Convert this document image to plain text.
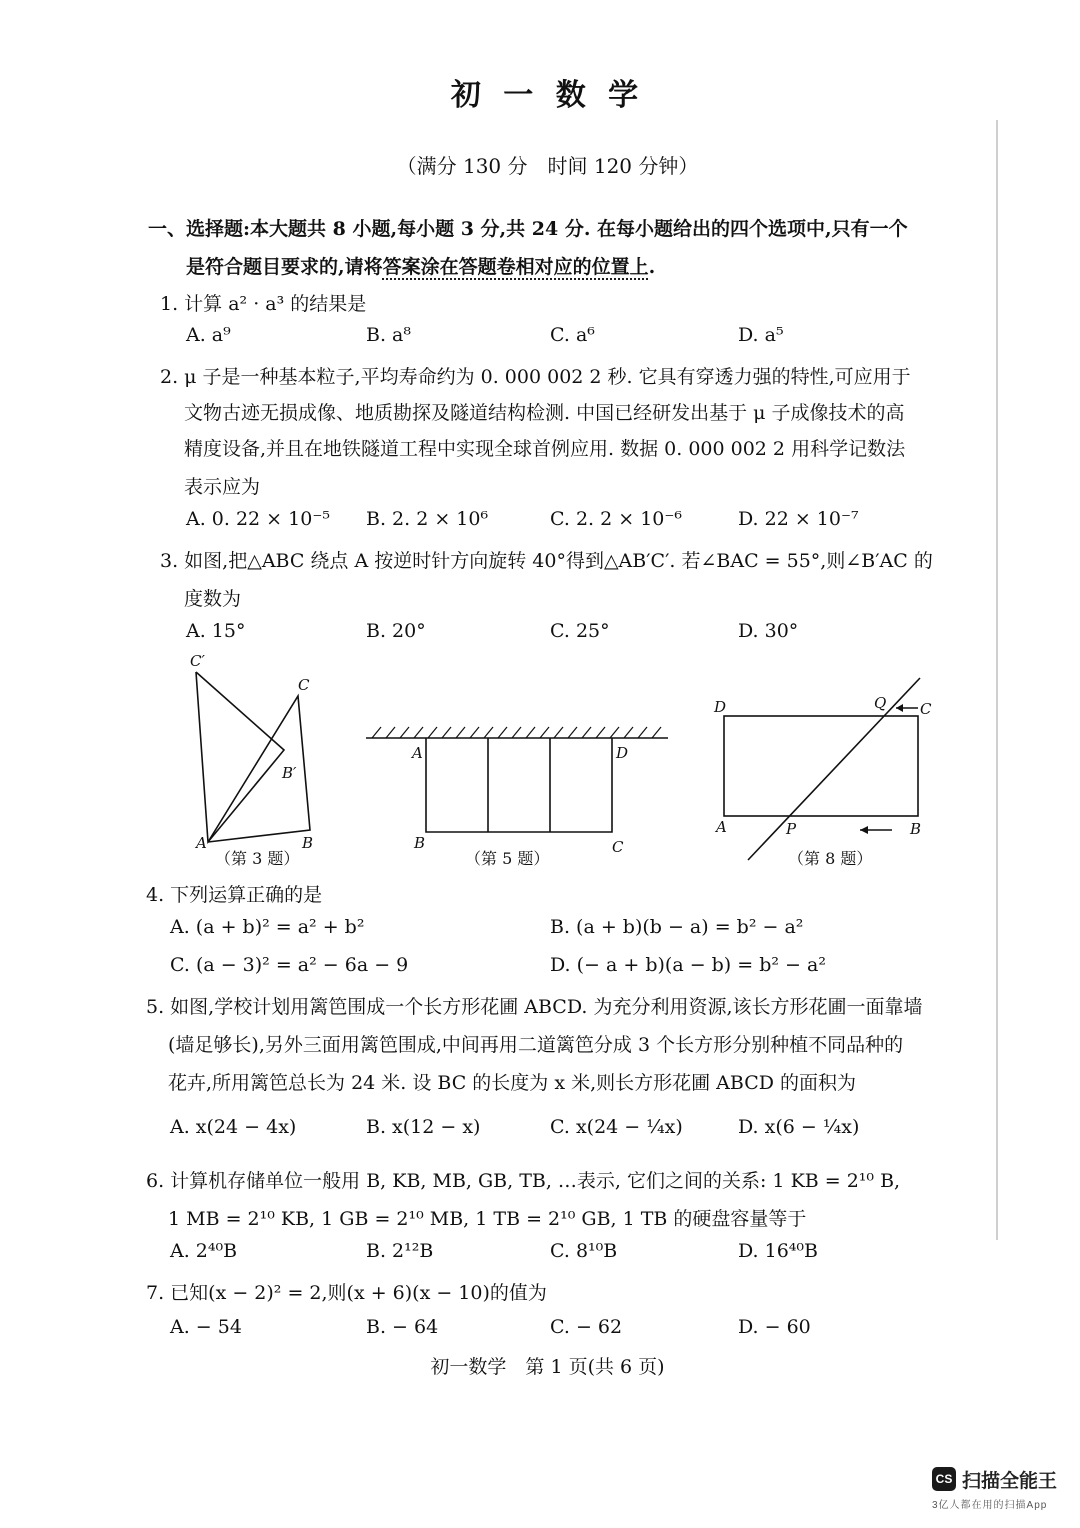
初 一 数 学
（满分 130 分　时间 120 分钟）
一、选择题:本大题共 8 小题,每小题 3 分,共 24 分. 在每小题给出的四个选项中,只有一个
是符合题目要求的,请将答案涂在答题卷相对应的位置上.
1. 计算 a² · a³ 的结果是
A. a⁹	B. a⁸	C. a⁶	D. a⁵
2. μ 子是一种基本粒子,平均寿命约为 0. 000 002 2 秒. 它具有穿透力强的特性,可应用于
文物古迹无损成像、地质勘探及隧道结构检测. 中国已经研发出基于 μ 子成像技术的高
精度设备,并且在地铁隧道工程中实现全球首例应用. 数据 0. 000 002 2 用科学记数法
表示应为
A. 0. 22 × 10⁻⁵ B. 2. 2 × 10⁶	C. 2. 2 × 10⁻⁶	D. 22 × 10⁻⁷
3. 如图,把△ABC 绕点 A 按逆时针方向旋转 40°得到△AB′C′. 若∠BAC = 55°,则∠B′AC 的
度数为
A. 15°	B. 20°	C. 25°	D. 30°
C′
C
B′
A	B
（第 3 题）
A	D
B	C
（第 5 题）
D	Q C
A	P	B
（第 8 题）
4. 下列运算正确的是
A. (a + b)² = a² + b²	B. (a + b)(b − a) = b² − a²
C. (a − 3)² = a² − 6a − 9	D. (− a + b)(a − b) = b² − a²
5. 如图,学校计划用篱笆围成一个长方形花圃 ABCD. 为充分利用资源,该长方形花圃一面靠墙
(墙足够长),另外三面用篱笆围成,中间再用二道篱笆分成 3 个长方形分别种植不同品种的
花卉,所用篱笆总长为 24 米. 设 BC 的长度为 x 米,则长方形花圃 ABCD 的面积为
A. x(24 − 4x)	B. x(12 − x)	C. x(24 − ¼x)	D. x(6 − ¼x)
6. 计算机存储单位一般用 B, KB, MB, GB, TB, …表示, 它们之间的关系: 1 KB = 2¹⁰ B,
1 MB = 2¹⁰ KB, 1 GB = 2¹⁰ MB, 1 TB = 2¹⁰ GB, 1 TB 的硬盘容量等于
A. 2⁴⁰B	B. 2¹²B	C. 8¹⁰B	D. 16⁴⁰B
7. 已知(x − 2)² = 2,则(x + 6)(x − 10)的值为
A. − 54	B. − 64	C. − 62	D. − 60
初一数学　第 1 页(共 6 页)
CS 扫描全能王
3亿人都在用的扫描App
